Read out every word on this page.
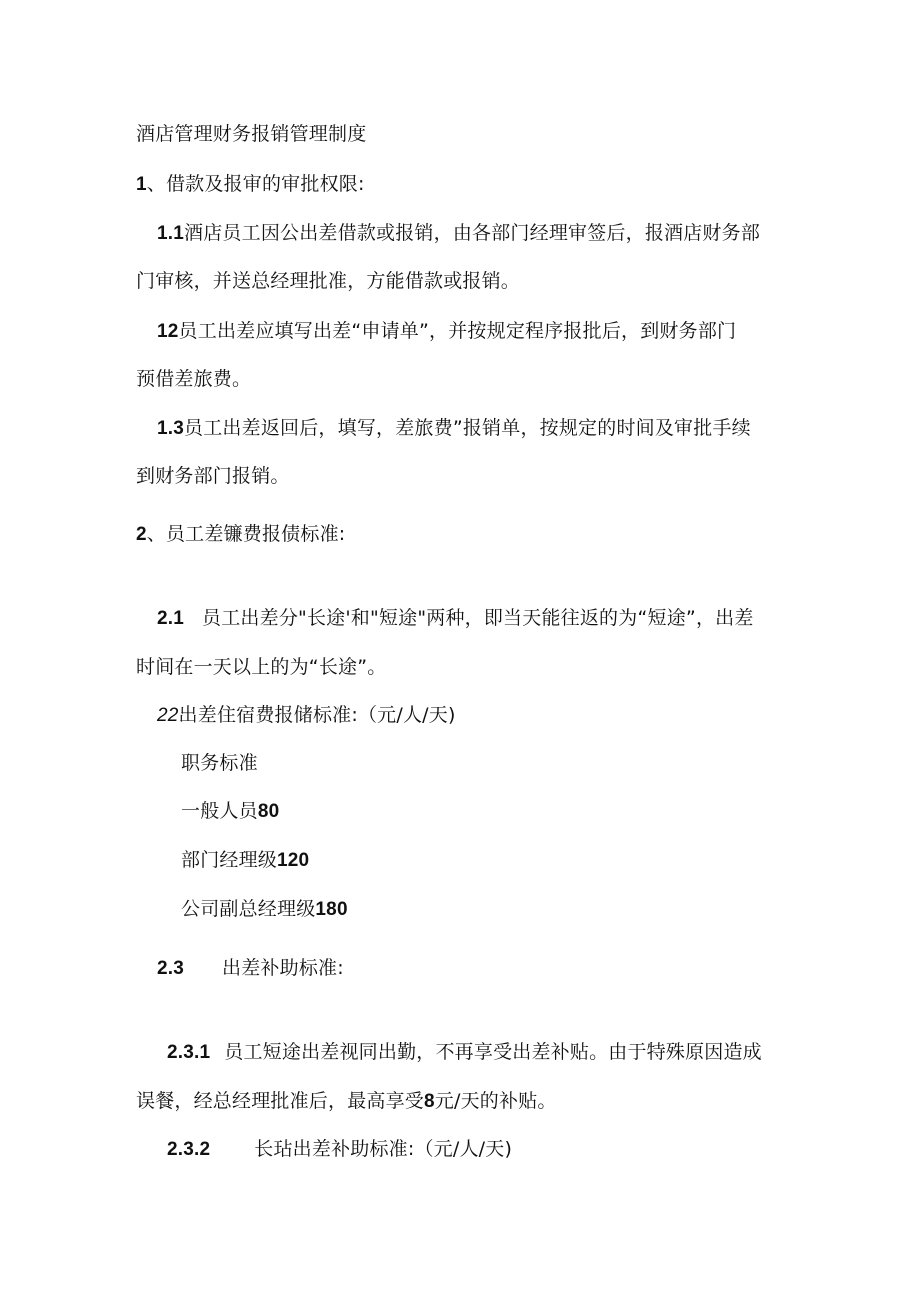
酒店管理财务报销管理制度
1、借款及报审的审批权限:
1.1酒店员工因公出差借款或报销，由各部门经理审签后，报酒店财务部
门审核，并送总经理批准，方能借款或报销。
12员工出差应填写出差“申请单”，并按规定程序报批后，到财务部门
预借差旅费。
1.3员工出差返回后，填写，差旅费”报销单，按规定的时间及审批手续
到财务部门报销。
2、员工差镰费报债标准:
2.1 员工出差分"长途'和"短途"两种，即当天能往返的为“短途”，出差
时间在一天以上的为“长途”。
22出差住宿费报储标准:（元/人/天)
职务标准
一般人员80
部门经理级120
公司副总经理级180
2.3 出差补助标准:
2.3.1 员工短途出差视同出勤，不再享受出差补贴。由于特殊原因造成
误餐，经总经理批准后，最高享受8元/天的补贴。
2.3.2 长玷出差补助标准:（元/人/天)
